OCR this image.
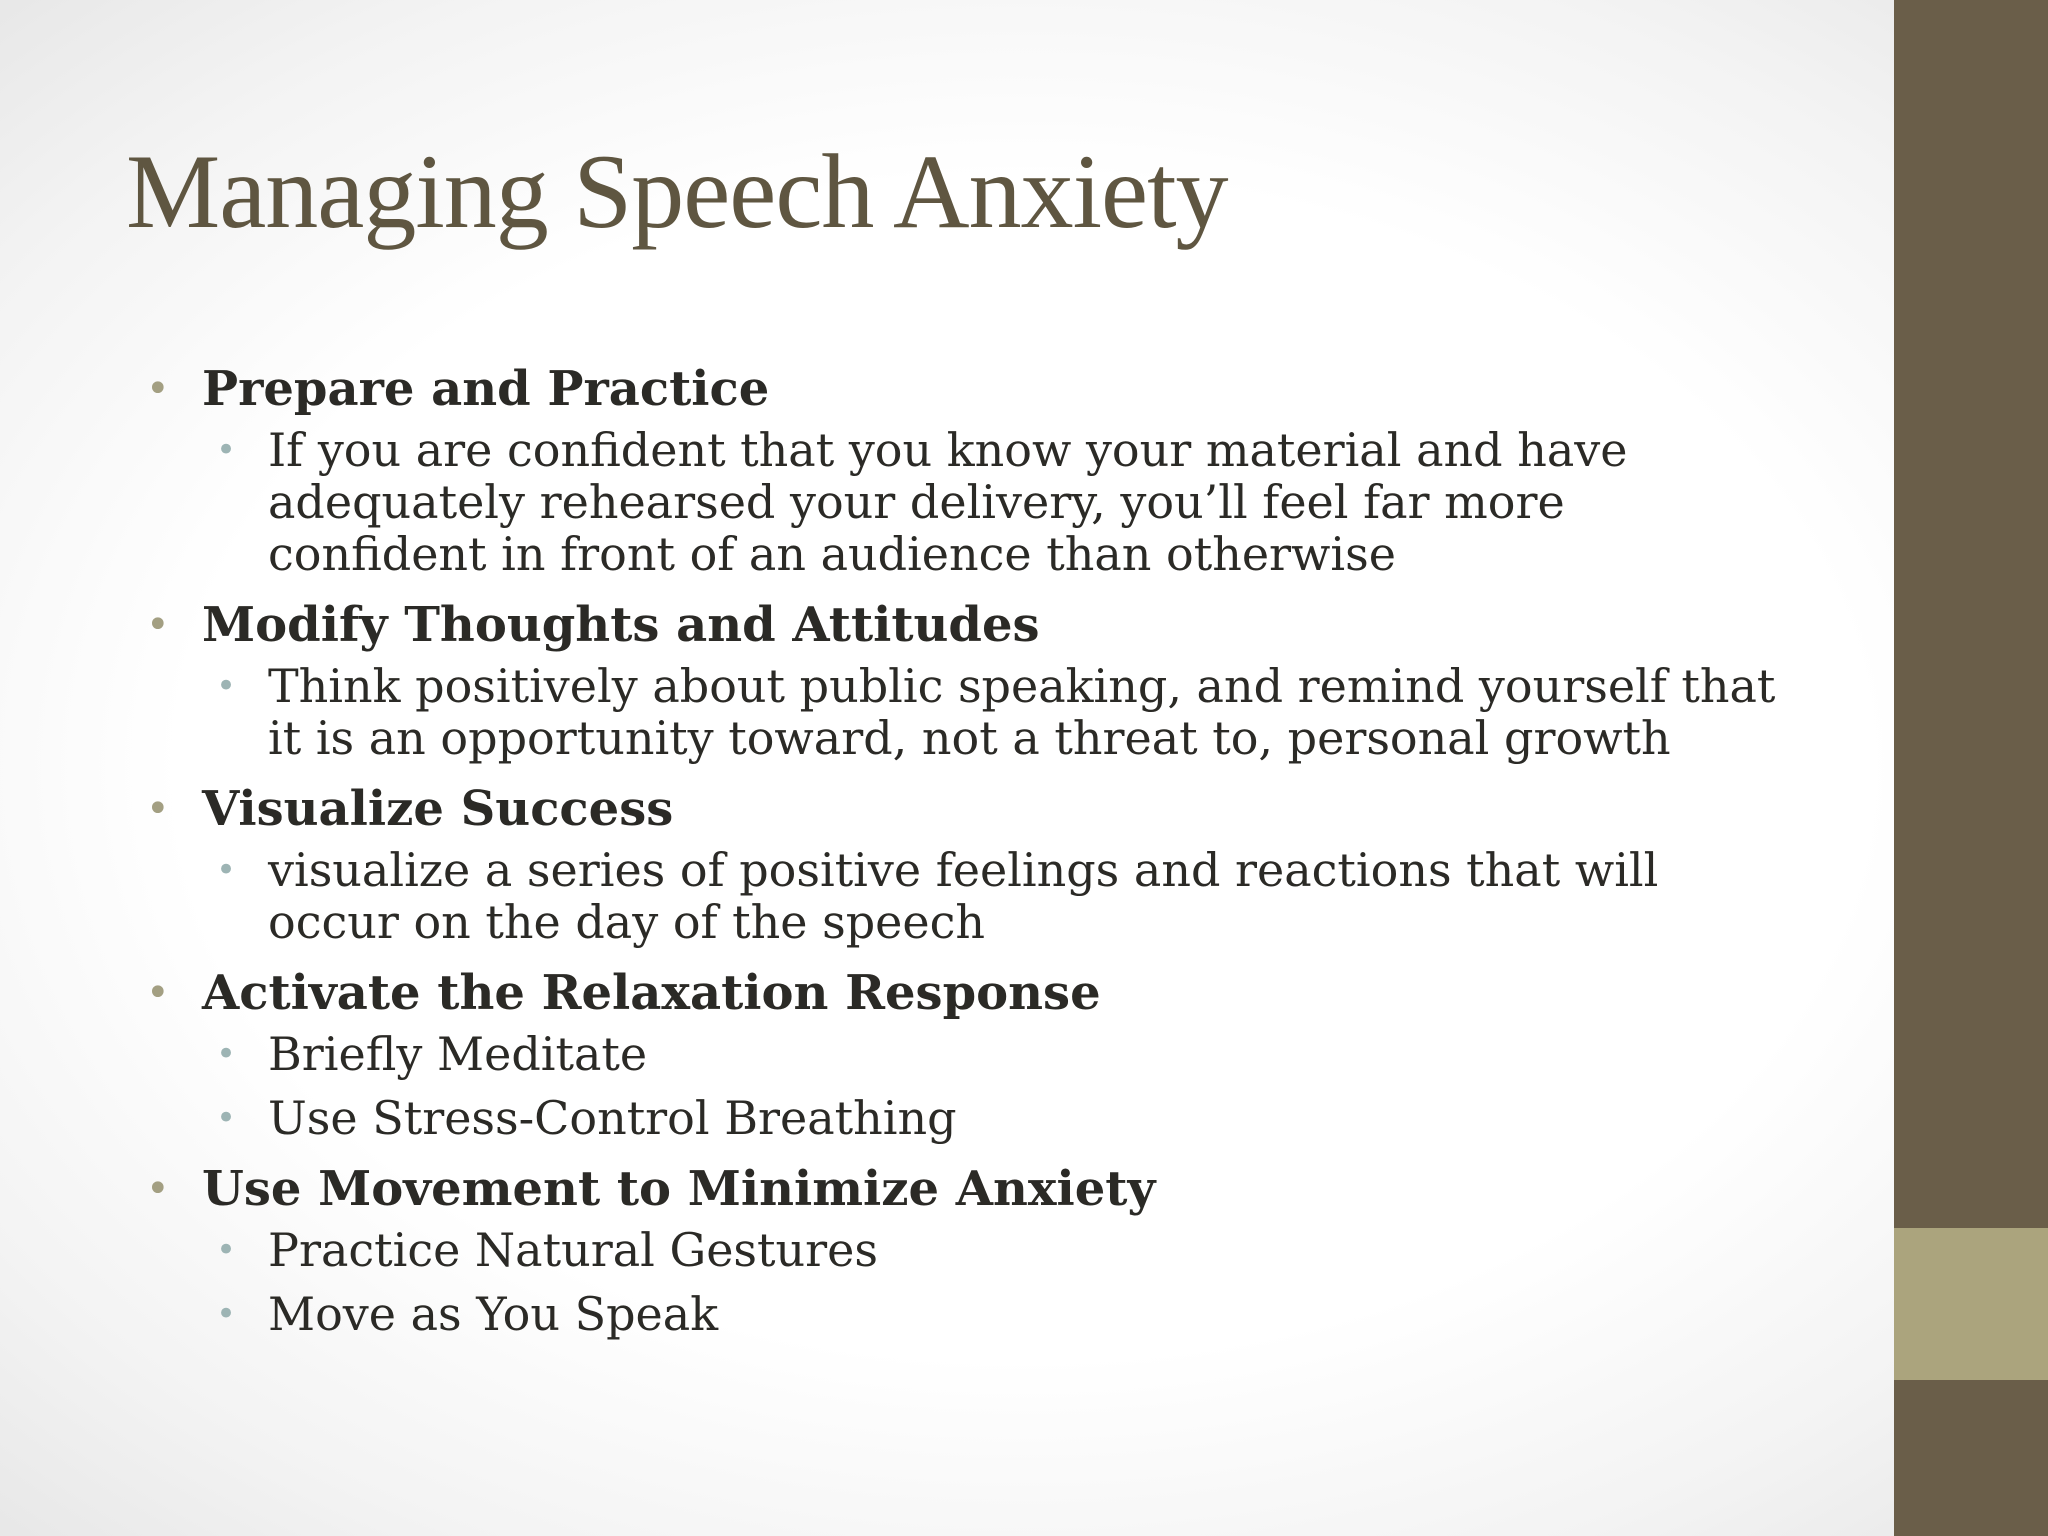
Managing Speech Anxiety
• Prepare and Practice
• If you are confident that you know your material and have adequately rehearsed your delivery, you’ll feel far more confident in front of an audience than otherwise
• Modify Thoughts and Attitudes
• Think positively about public speaking, and remind yourself that it is an opportunity toward, not a threat to, personal growth
• Visualize Success
• visualize a series of positive feelings and reactions that will occur on the day of the speech
• Activate the Relaxation Response
• Briefly Meditate
• Use Stress-Control Breathing
• Use Movement to Minimize Anxiety
• Practice Natural Gestures
• Move as You Speak
